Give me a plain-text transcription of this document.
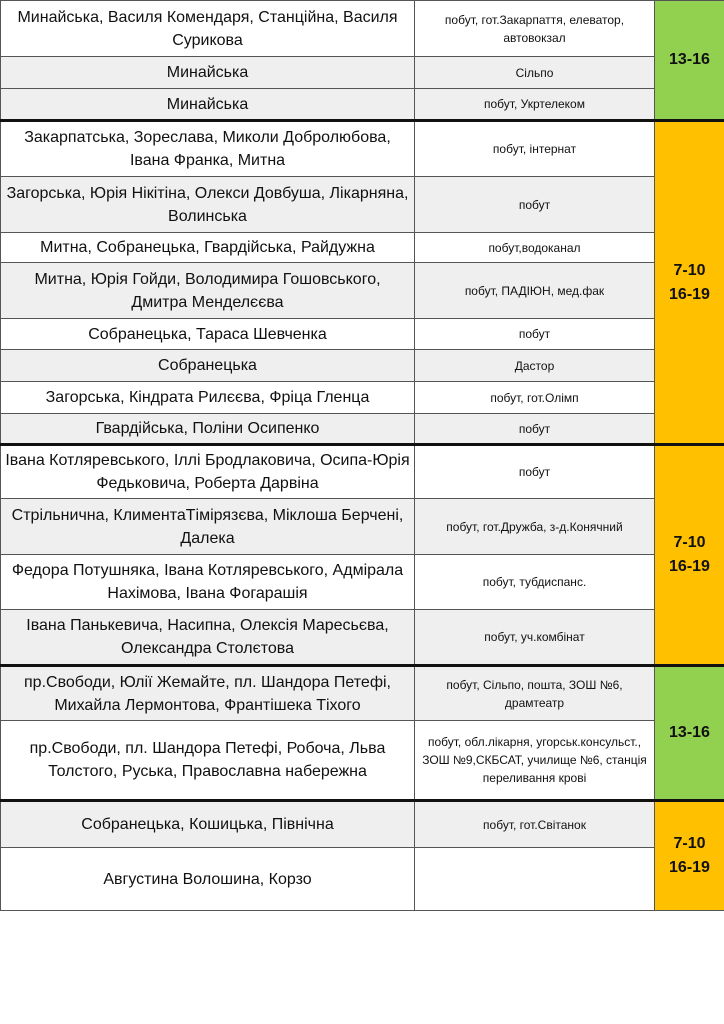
Минайська, Василя Комендаря, Станційна, Василя Сурикова	побут, гот.Закарпаття, елеватор, автовокзал	13-16

Минайська	Сільпо	
Минайська	побут, Укртелеком	
Закарпатська, Зореслава, Миколи Добролюбова, Івана Франка, Митна	побут, інтернат	7-10
16-19

Загорська, Юрія Нікітіна, Олекси Довбуша, Лікарняна, Волинська	побут	
Митна, Собранецька, Гвардійська, Райдужна	побут,водоканал	
Митна, Юрія Гойди, Володимира Гошовського, Дмитра Менделєєва	побут, ПАДІЮН, мед.фак	
Собранецька, Тараса Шевченка	побут	
Собранецька	Дастор	
Загорська, Кіндрата Рилєєва, Фріца Гленца	побут, гот.Олімп	
Гвардійська, Поліни Осипенко	побут	
Івана Котляревського, Іллі Бродлаковича, Осипа-Юрія Федьковича, Роберта Дарвіна	побут	7-10
16-19

Стрільнична, КлиментаТімірязєва, Міклоша Берчені, Далека	побут, гот.Дружба, з-д.Конячний	
Федора Потушняка, Івана Котляревського, Адмірала Нахімова, Івана Фогарашія	побут, тубдиспанс.	
Івана Панькевича, Насипна, Олексія Маресьєва, Олександра Столєтова	побут, уч.комбінат	
пр.Свободи, Юлії Жемайте, пл. Шандора Петефі, Михайла Лермонтова, Франтішека Тіхого	побут, Сільпо, пошта, ЗОШ №6, драмтеатр	13-16

пр.Свободи, пл. Шандора Петефі, Робоча, Льва Толстого, Руська, Православна набережна	побут, обл.лікарня, угорськ.консульст., ЗОШ №9,СКБСАТ, училище №6, станція переливання крові	
Собранецька, Кошицька, Північна	побут, гот.Світанок	7-10
16-19

Августина Волошина, Корзо		
